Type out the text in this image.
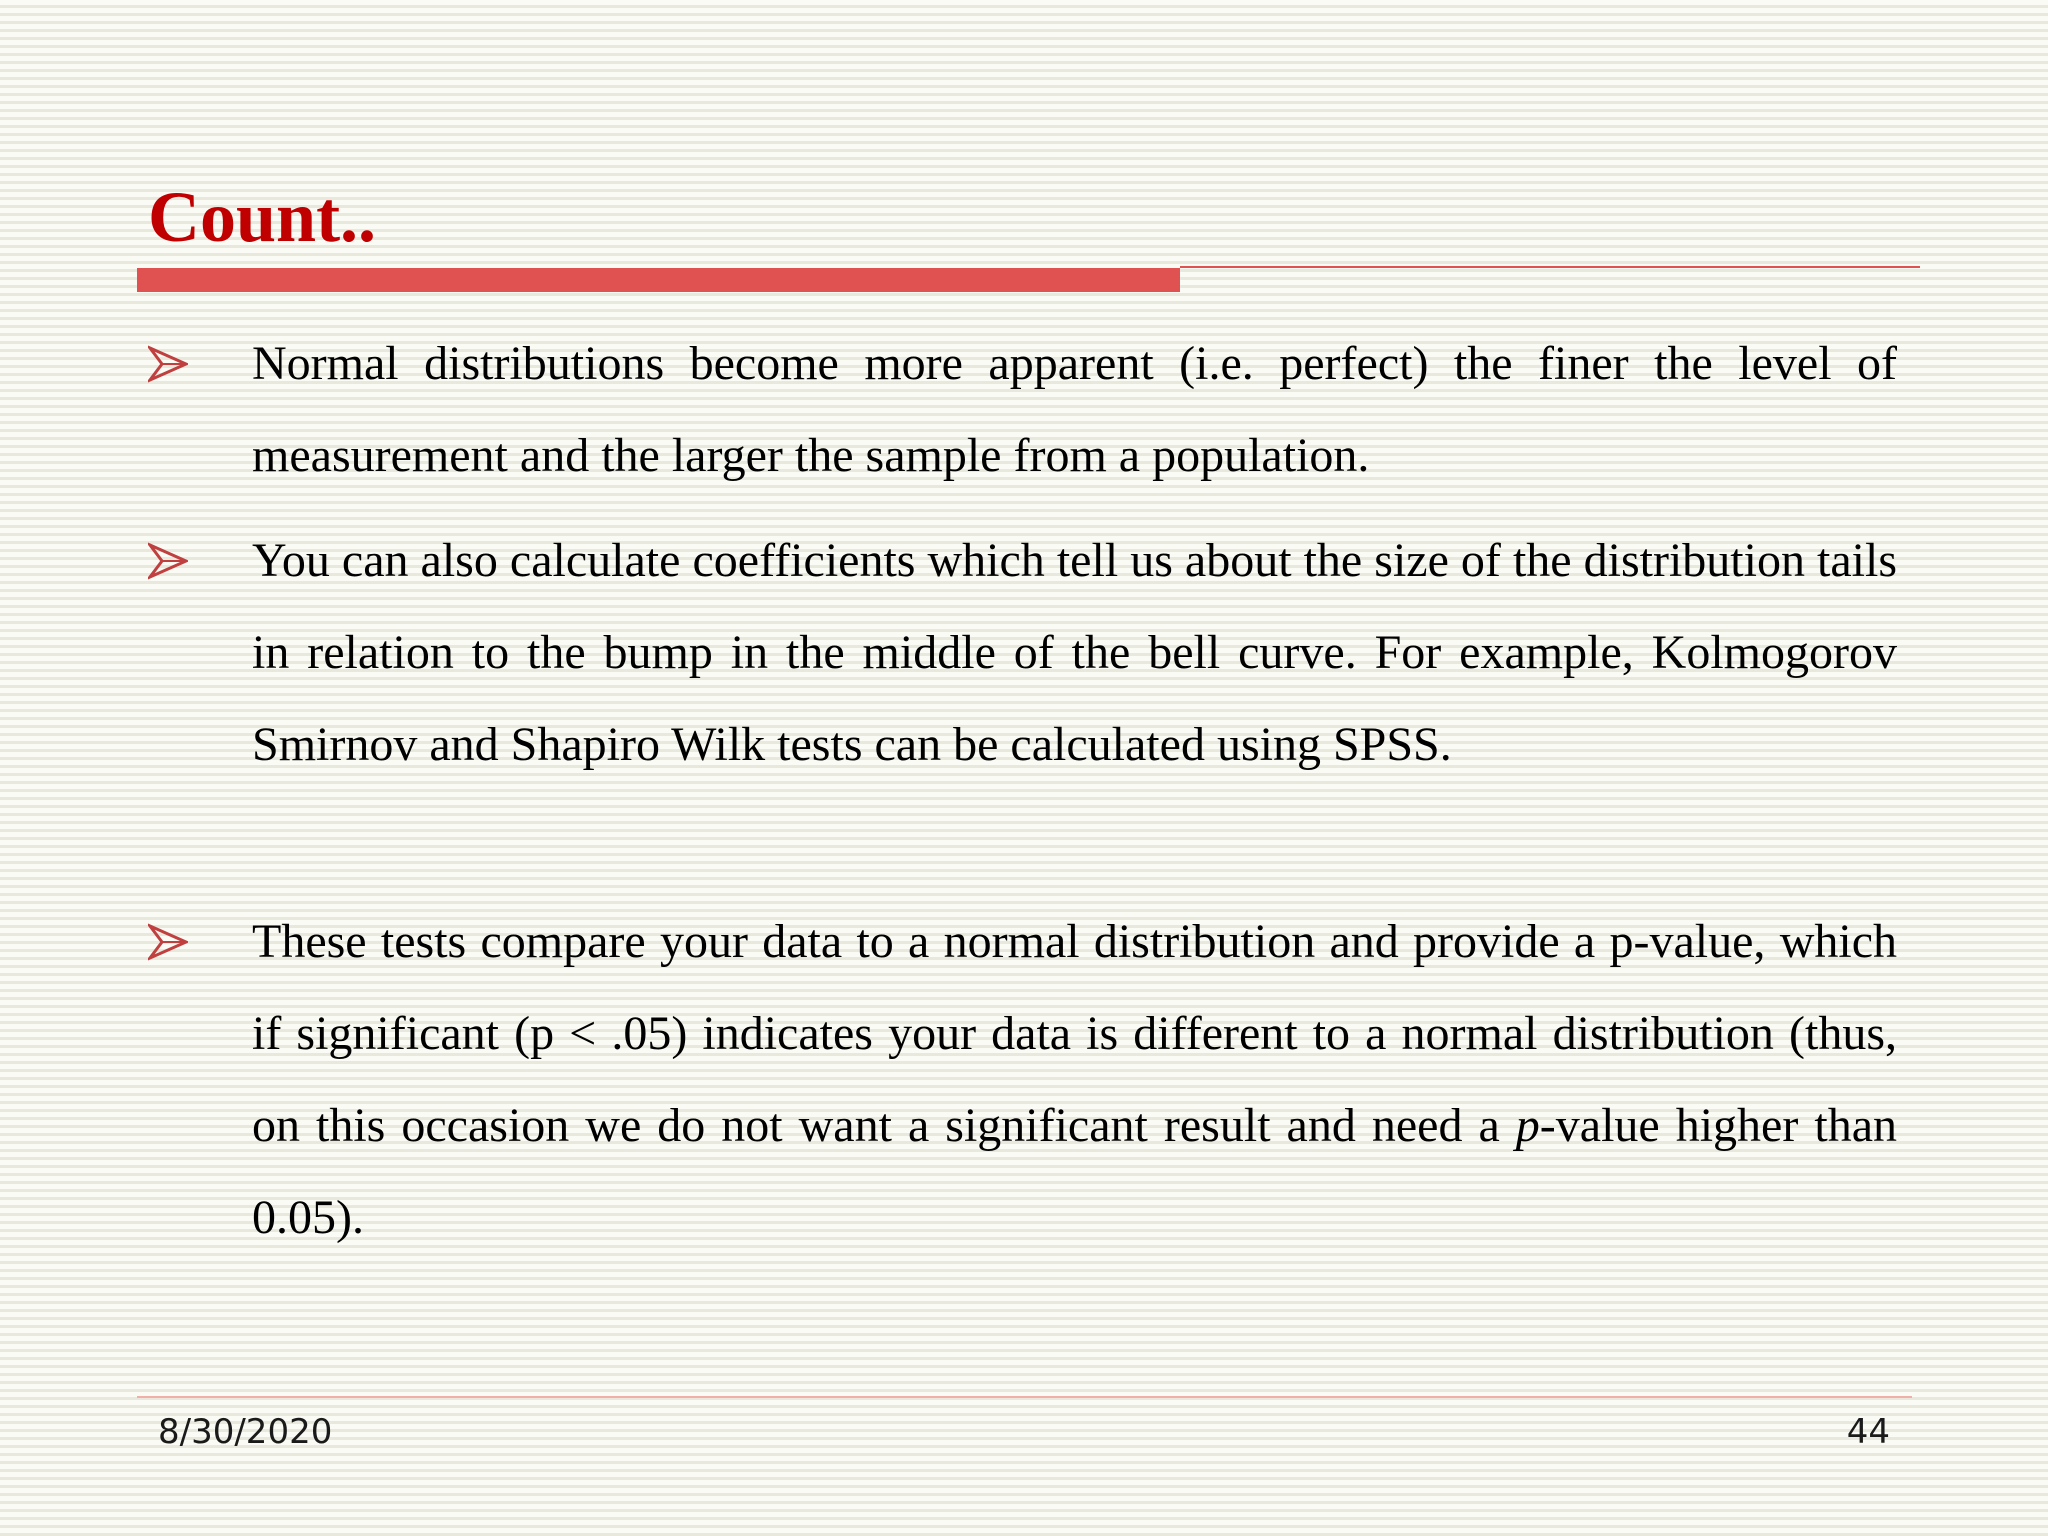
Count..

Normal distributions become more apparent (i.e. perfect) the finer the level of measurement and the larger the sample from a population.

You can also calculate coefficients which tell us about the size of the distribution tails in relation to the bump in the middle of the bell curve. For example, Kolmogorov Smirnov and Shapiro Wilk tests can be calculated using SPSS.

These tests compare your data to a normal distribution and provide a p-value, which if significant (p < .05) indicates your data is different to a normal distribution (thus, on this occasion we do not want a significant result and need a p-value higher than 0.05).

8/30/2020	44
